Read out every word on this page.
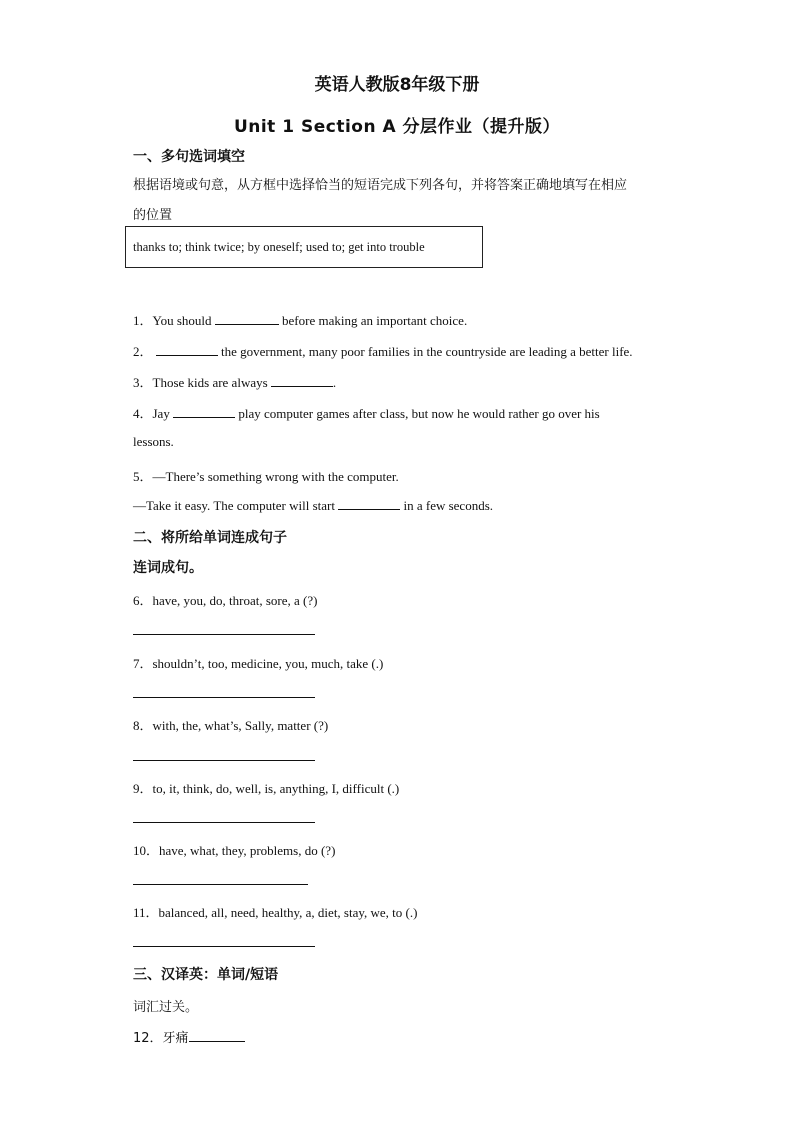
英语人教版8年级下册
Unit 1 Section A 分层作业（提升版）
一、多句选词填空
根据语境或句意，从方框中选择恰当的短语完成下列各句，并将答案正确地填写在相应
的位置
thanks to; think twice; by oneself; used to; get into trouble
1．You should	before making an important choice.
2．	the government, many poor families in the countryside are leading a better life.
3．Those kids are always	.
4．Jay	play computer games after class, but now he would rather go over his
lessons.
5．—There’s something wrong with the computer.
—Take it easy. The computer will start	in a few seconds.
二、将所给单词连成句子
连词成句。
6．have, you, do, throat, sore, a (?)
7．shouldn’t, too, medicine, you, much, take (.)
8．with, the, what’s, Sally, matter (?)
9．to, it, think, do, well, is, anything, I, difficult (.)
10．have, what, they, problems, do (?)
11．balanced, all, need, healthy, a, diet, stay, we, to (.)
三、汉译英：单词/短语
词汇过关。
12．牙痛
